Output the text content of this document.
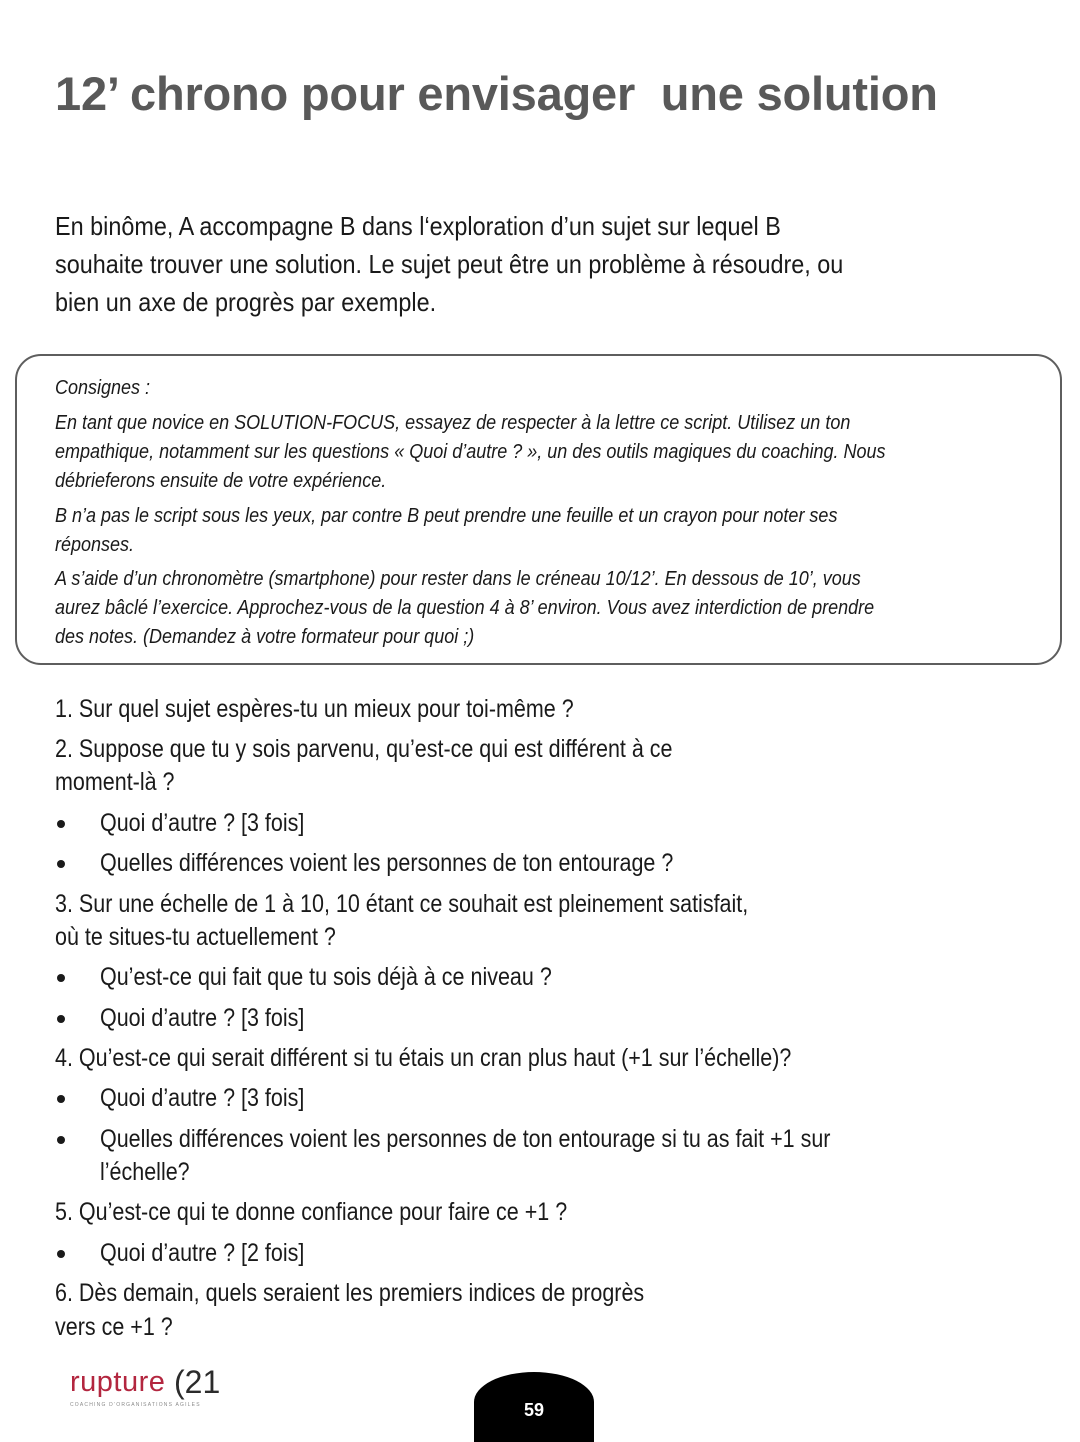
12’ chrono pour envisager  une solution
En binôme, A accompagne B dans l‘exploration d’un sujet sur lequel B
souhaite trouver une solution. Le sujet peut être un problème à résoudre, ou
bien un axe de progrès par exemple.
Consignes :
En tant que novice en SOLUTION-FOCUS, essayez de respecter à la lettre ce script. Utilisez un ton
empathique, notamment sur les questions « Quoi d’autre ? », un des outils magiques du coaching. Nous
débrieferons ensuite de votre expérience.
B n’a pas le script sous les yeux, par contre B peut prendre une feuille et un crayon pour noter ses
réponses.
A s’aide d’un chronomètre (smartphone) pour rester dans le créneau 10/12’. En dessous de 10’, vous
aurez bâclé l’exercice. Approchez-vous de la question 4 à 8’ environ. Vous avez interdiction de prendre
des notes. (Demandez à votre formateur pour quoi ;)
1. Sur quel sujet espères-tu un mieux pour toi-même ?
2. Suppose que tu y sois parvenu, qu’est-ce qui est différent à ce
moment-là ?
Quoi d’autre ? [3 fois]
Quelles différences voient les personnes de ton entourage ?
3. Sur une échelle de 1 à 10, 10 étant ce souhait est pleinement satisfait,
où te situes-tu actuellement ?
Qu’est-ce qui fait que tu sois déjà à ce niveau ?
Quoi d’autre ? [3 fois]
4. Qu’est-ce qui serait différent si tu étais un cran plus haut (+1 sur l’échelle)?
Quoi d’autre ? [3 fois]
Quelles différences voient les personnes de ton entourage si tu as fait +1 sur
l’échelle?
5. Qu’est-ce qui te donne confiance pour faire ce +1 ?
Quoi d’autre ? [2 fois]
6. Dès demain, quels seraient les premiers indices de progrès
vers ce +1 ?
rupture (21
COACHING D’ORGANISATIONS AGILES	59
